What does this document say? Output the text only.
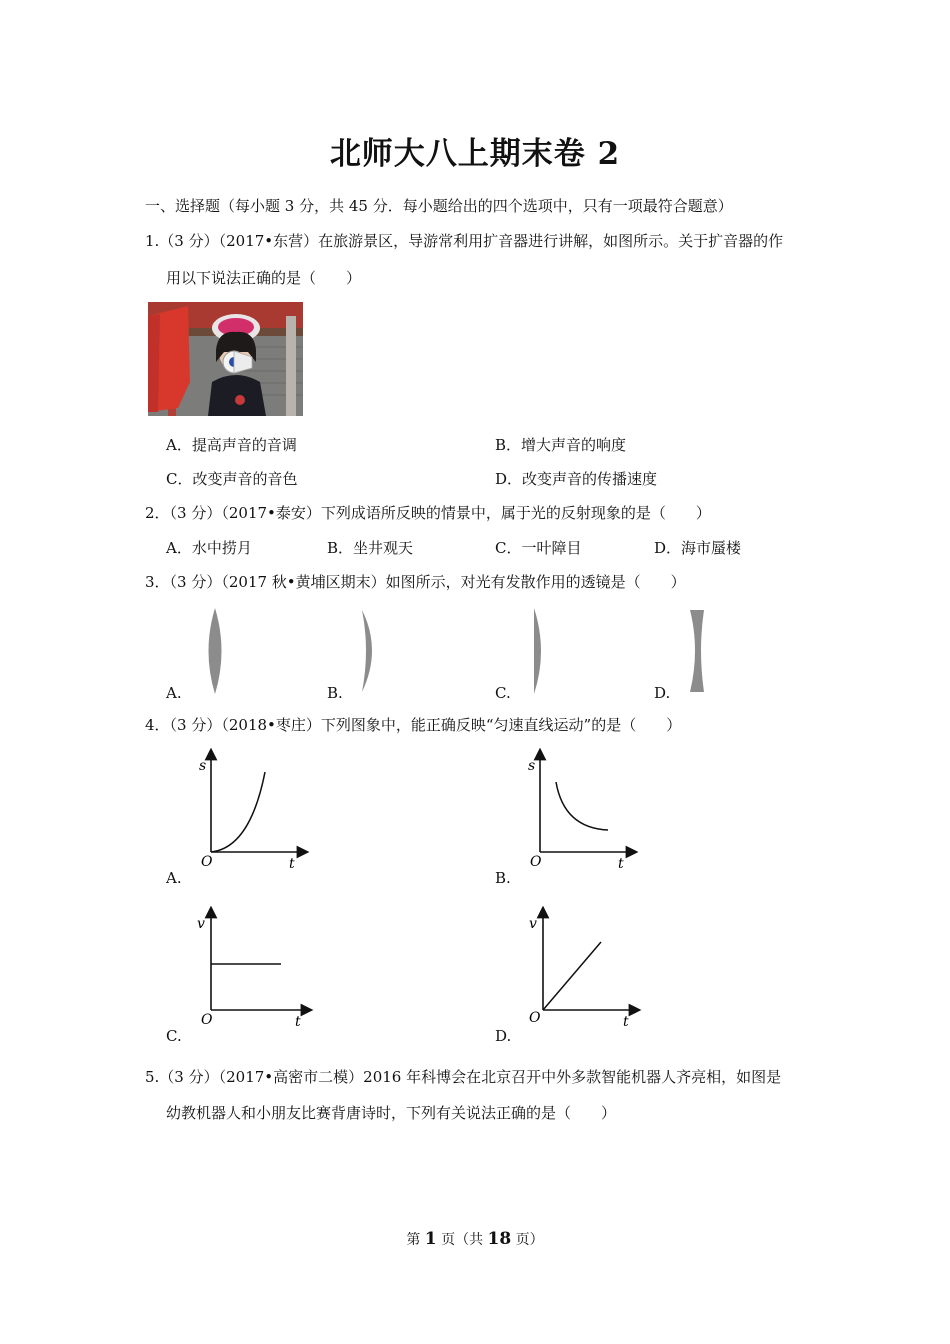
北师大八上期末卷 2
一、选择题（每小题 3 分，共 45 分．每小题给出的四个选项中，只有一项最符合题意）
1.（3 分）（2017•东营）在旅游景区，导游常利用扩音器进行讲解，如图所示。关于扩音器的作
用以下说法正确的是（　　）
A．提高声音的音调	B．增大声音的响度
C．改变声音的音色	D．改变声音的传播速度
2．（3 分）（2017•泰安）下列成语所反映的情景中，属于光的反射现象的是（　　）
A．水中捞月	B．坐井观天	C．一叶障目	D．海市蜃楼
3．（3 分）（2017 秋•黄埔区期末）如图所示，对光有发散作用的透镜是（　　）
A.	B.	C.	D.
4．（3 分）（2018•枣庄）下列图象中，能正确反映“匀速直线运动”的是（　　）
s
O	t
s
O	t
A.	B.
v
O	t
v
O	t
C.	D.
5.（3 分）（2017•高密市二模）2016 年科博会在北京召开中外多款智能机器人齐亮相，如图是
幼教机器人和小朋友比赛背唐诗时，下列有关说法正确的是（　　）
第 1 页（共 18 页）
